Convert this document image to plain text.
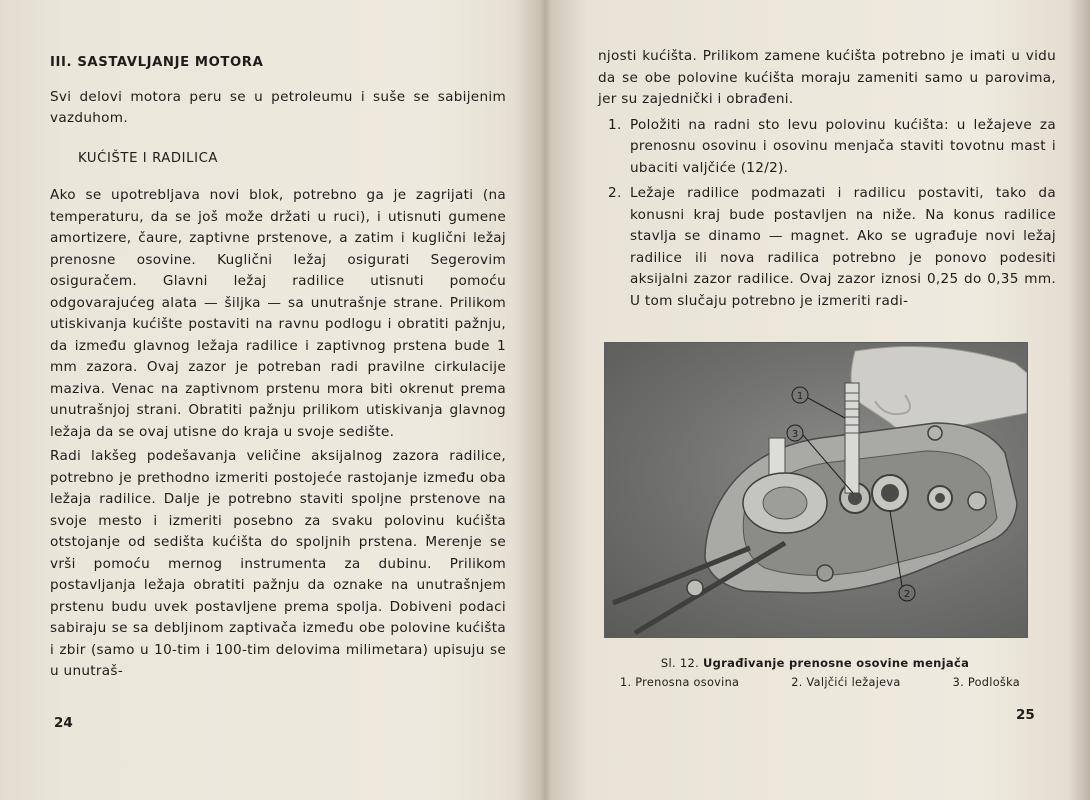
III. SASTAVLJANJE MOTORA

Svi delovi motora peru se u petroleumu i suše se sabijenim vazduhom.

KUĆIŠTE I RADILICA

Ako se upotrebljava novi blok, potrebno ga je zagrijati (na temperaturu, da se još može držati u ruci), i utisnuti gumene amortizere, čaure, zaptivne prstenove, a zatim i kuglični ležaj prenosne osovine. Kuglični ležaj osigurati Segerovim osiguračem. Glavni ležaj radilice utisnuti pomoću odgovarajućeg alata — šiljka — sa unutrašnje strane. Prilikom utiskivanja kućište postaviti na ravnu podlogu i obratiti pažnju, da između glavnog ležaja radilice i zaptivnog prstena bude 1 mm zazora. Ovaj zazor je potreban radi pravilne cirkulacije maziva. Venac na zaptivnom prstenu mora biti okrenut prema unutrašnjoj strani. Obratiti pažnju prilikom utiskivanja glavnog ležaja da se ovaj utisne do kraja u svoje sedište.

Radi lakšeg podešavanja veličine aksijalnog zazora radilice, potrebno je prethodno izmeriti postojeće rastojanje između oba ležaja radilice. Dalje je potrebno staviti spoljne prstenove na svoje mesto i izmeriti posebno za svaku polovinu kućišta otstojanje od sedišta kućišta do spoljnih prstena. Merenje se vrši pomoću mernog instrumenta za dubinu. Prilikom postavljanja ležaja obratiti pažnju da oznake na unutrašnjem prstenu budu uvek postavljene prema spolja. Dobiveni podaci sabiraju se sa debljinom zaptivača između obe polovine kućišta i zbir (samo u 10-tim i 100-tim delovima milimetara) upisuju se u unutraš-

24

njosti kućišta. Prilikom zamene kućišta potrebno je imati u vidu da se obe polovine kućišta moraju zameniti samo u parovima, jer su zajednički i obrađeni.

1. Položiti na radni sto levu polovinu kućišta: u ležajeve za prenosnu osovinu i osovinu menjača staviti tovotnu mast i ubaciti valjčiće (12/2).
2. Ležaje radilice podmazati i radilicu postaviti, tako da konusni kraj bude postavljen na niže. Na konus radilice stavlja se dinamo — magnet. Ako se ugrađuje novi ležaj radilice ili nova radilica potrebno je ponovo podesiti aksijalni zazor radilice. Ovaj zazor iznosi 0,25 do 0,35 mm. U tom slučaju potrebno je izmeriti radi-
1
3
2
Sl. 12. Ugrađivanje prenosne osovine menjača
1. Prenosna osovina	2. Valjčići ležajeva	3. Podloška
25
